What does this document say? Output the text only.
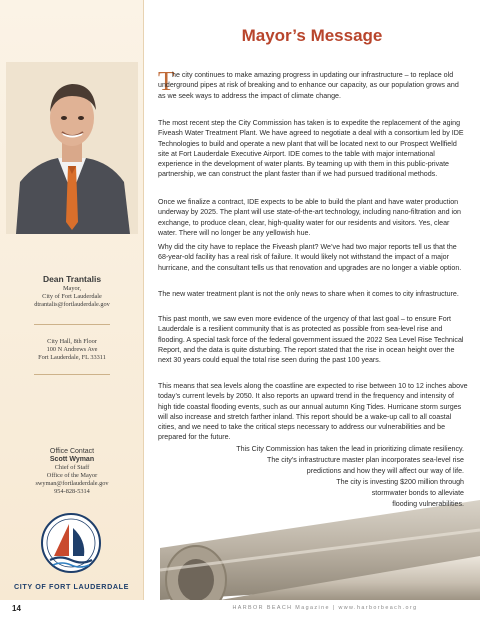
Dean Trantalis
Mayor,
City of Fort Lauderdale
dtrantalis@fortlauderdale.gov
City Hall, 8th Floor
100 N Andrews Ave
Fort Lauderdale, FL 33311
Office Contact
Scott Wyman
Chief of Staff
Office of the Mayor
swyman@fortlauderdale.gov
954-828-5314
CITY OF FORT LAUDERDALE
Mayor’s Message
T

he city continues to make amazing progress in updating our infrastructure – to replace old underground pipes at risk of breaking and to enhance our capacity, as our population grows and as we seek ways to address the impact of climate change.

The most recent step the City Commission has taken is to expedite the replacement of the aging Fiveash Water Treatment Plant. We have agreed to negotiate a deal with a consortium led by IDE Technologies to build and operate a new plant that will be located next to our Prospect Wellfield site at Fort Lauderdale Executive Airport. IDE comes to the table with major international experience in the development of water plants. By teaming up with them in this public-private partnership, we can construct the plant faster than if we had pursued traditional methods.

Once we finalize a contract, IDE expects to be able to build the plant and have water production underway by 2025. The plant will use state-of-the-art technology, including nano-filtration and ion exchange, to produce clean, clear, high-quality water for our residents and visitors. Yes, clear water. There will no longer be any yellowish hue.

Why did the city have to replace the Fiveash plant? We’ve had two major reports tell us that the 68-year-old facility has a real risk of failure. It would likely not withstand the impact of a major hurricane, and the consultant tells us that renovation and upgrades are no longer a viable option.

The new water treatment plant is not the only news to share when it comes to city infrastructure.

This past month, we saw even more evidence of the urgency of that last goal – to ensure Fort Lauderdale is a resilient community that is as protected as possible from sea-level rise and flooding. A special task force of the federal government issued the 2022 Sea Level Rise Technical Report, and the data is quite disturbing. The report stated that the rise in ocean height over the next 30 years could equal the total rise seen during the past 100 years.

This means that sea levels along the coastline are expected to rise between 10 to 12 inches above today’s current levels by 2050. It also reports an upward trend in the frequency and intensity of high tide coastal flooding events, such as our annual autumn King Tides. Hurricane storm surges will also increase and stretch farther inland. This report should be a wake-up call to all coastal cities, and we need to take the critical steps necessary to address our vulnerabilities and be prepared for the future.

This City Commission has taken the lead in prioritizing climate resiliency.

The city’s infrastructure master plan incorporates sea-level rise

predictions and how they will affect our way of life.

The city is investing $200 million through

stormwater bonds to alleviate

flooding vulnerabilities.

14	HARBOR BEACH Magazine | www.harborbeach.org
